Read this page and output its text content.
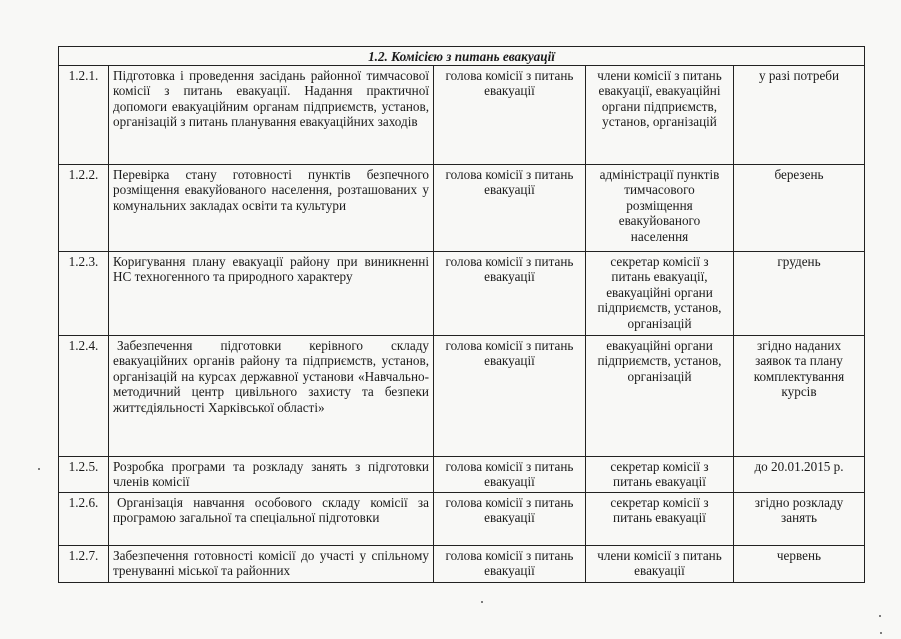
1.2. Комісією з питань евакуації				
1.2.1.	Підготовка і проведення засідань районної тимчасової комісії з питань евакуації. Надання практичної допомоги евакуаційним органам підприємств, установ, організацій з питань планування евакуаційних заходів	голова комісії з питань евакуації	члени комісії з питань евакуації, евакуаційні органи підприємств, установ, організацій	у разі потреби
1.2.2.	Перевірка стану готовності пунктів безпечного розміщення евакуйованого населення, розташованих у комунальних закладах освіти та культури	голова комісії з питань евакуації	адміністрації пунктів тимчасового розміщення евакуйованого населення	березень
1.2.3.	Коригування плану евакуації району при виникненні НС техногенного та природного характеру	голова комісії з питань евакуації	секретар комісії з питань евакуації, евакуаційні органи підприємств, установ, організацій	грудень
1.2.4.	Забезпечення підготовки керівного складу евакуаційних органів району та підприємств, установ, організацій на курсах державної установи «Навчально-методичний центр цивільного захисту та безпеки життєдіяльності Харківської області»	голова комісії з питань евакуації	евакуаційні органи підприємств, установ, організацій	згідно наданих заявок та плану комплектування курсів
1.2.5.	Розробка програми та розкладу занять з підготовки членів комісії	голова комісії з питань евакуації	секретар комісії з питань евакуації	до 20.01.2015 р.
1.2.6.	Організація навчання особового складу комісії за програмою загальної та спеціальної підготовки	голова комісії з питань евакуації	секретар комісії з питань евакуації	згідно розкладу занять
1.2.7.	Забезпечення готовності комісії до участі у спільному тренуванні міської та районних	голова комісії з питань евакуації	члени комісії з питань евакуації	червень
